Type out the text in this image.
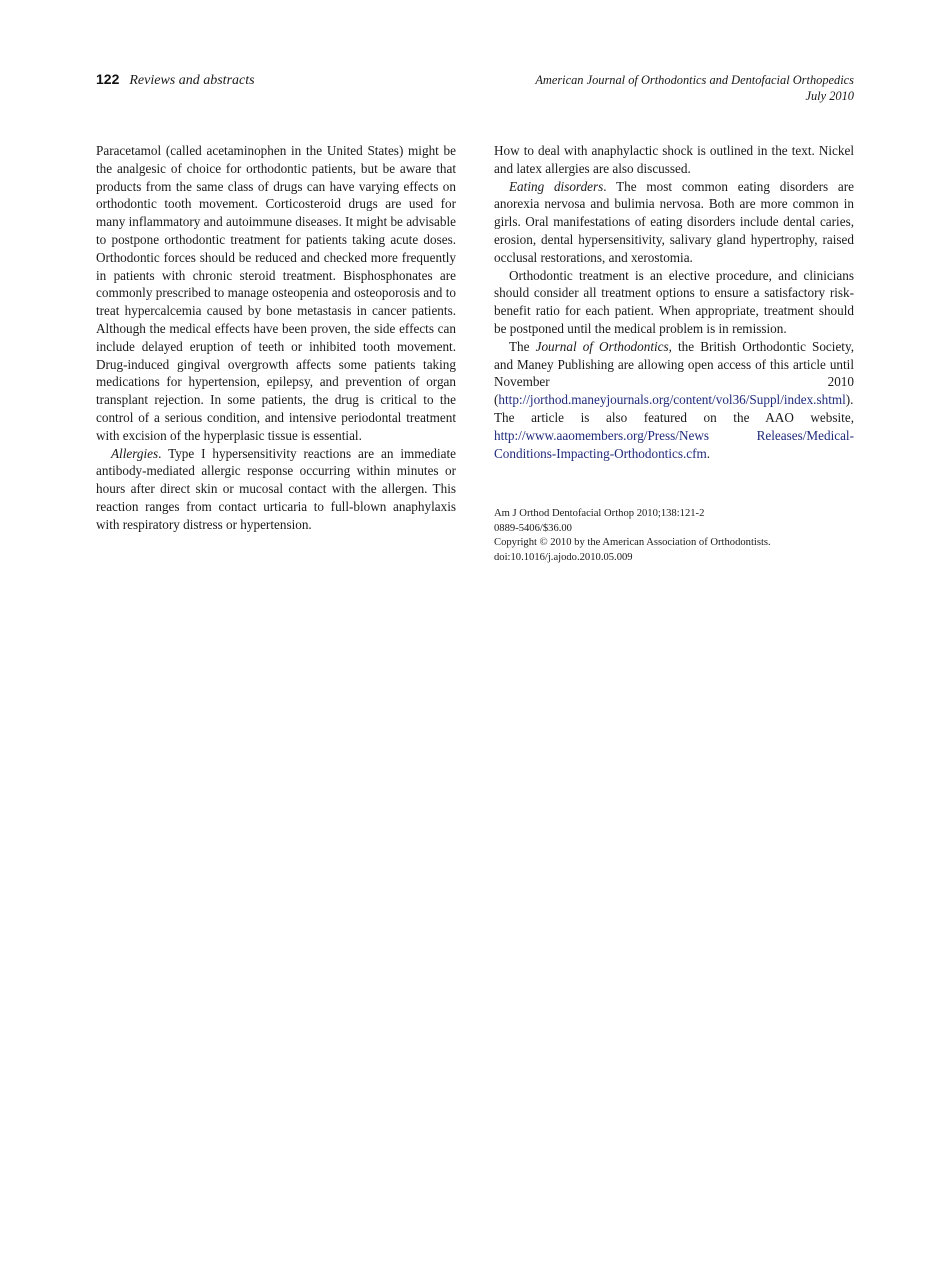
122 Reviews and abstracts	American Journal of Orthodontics and Dentofacial Orthopedics
July 2010

Paracetamol (called acetaminophen in the United States) might be the analgesic of choice for orthodontic patients, but be aware that products from the same class of drugs can have varying effects on orthodontic tooth movement. Corticosteroid drugs are used for many inflammatory and autoimmune diseases. It might be advisable to postpone orthodontic treatment for patients taking acute doses. Orthodontic forces should be reduced and checked more frequently in patients with chronic steroid treatment. Bisphosphonates are commonly prescribed to manage osteopenia and osteoporosis and to treat hypercalcemia caused by bone metastasis in cancer patients. Although the medical effects have been proven, the side effects can include delayed eruption of teeth or inhibited tooth movement. Drug-induced gingival overgrowth affects some patients taking medications for hypertension, epilepsy, and prevention of organ transplant rejection. In some patients, the drug is critical to the control of a serious condition, and intensive periodontal treatment with excision of the hyperplasic tissue is essential.

Allergies. Type I hypersensitivity reactions are an immediate antibody-mediated allergic response occurring within minutes or hours after direct skin or mucosal contact with the allergen. This reaction ranges from contact urticaria to full-blown anaphylaxis with respiratory distress or hypertension.

How to deal with anaphylactic shock is outlined in the text. Nickel and latex allergies are also discussed.

Eating disorders. The most common eating disorders are anorexia nervosa and bulimia nervosa. Both are more common in girls. Oral manifestations of eating disorders include dental caries, erosion, dental hypersensitivity, salivary gland hypertrophy, raised occlusal restorations, and xerostomia.

Orthodontic treatment is an elective procedure, and clinicians should consider all treatment options to ensure a satisfactory risk-benefit ratio for each patient. When appropriate, treatment should be postponed until the medical problem is in remission.

The Journal of Orthodontics, the British Orthodontic Society, and Maney Publishing are allowing open access of this article until November 2010 (http://jorthod.maneyjournals.org/content/vol36/Suppl/index.shtml). The article is also featured on the AAO website, http://www.aaomembers.org/Press/News Releases/Medical-Conditions-Impacting-Orthodontics.cfm.

Am J Orthod Dentofacial Orthop 2010;138:121-2
0889-5406/$36.00
Copyright © 2010 by the American Association of Orthodontists.
doi:10.1016/j.ajodo.2010.05.009
